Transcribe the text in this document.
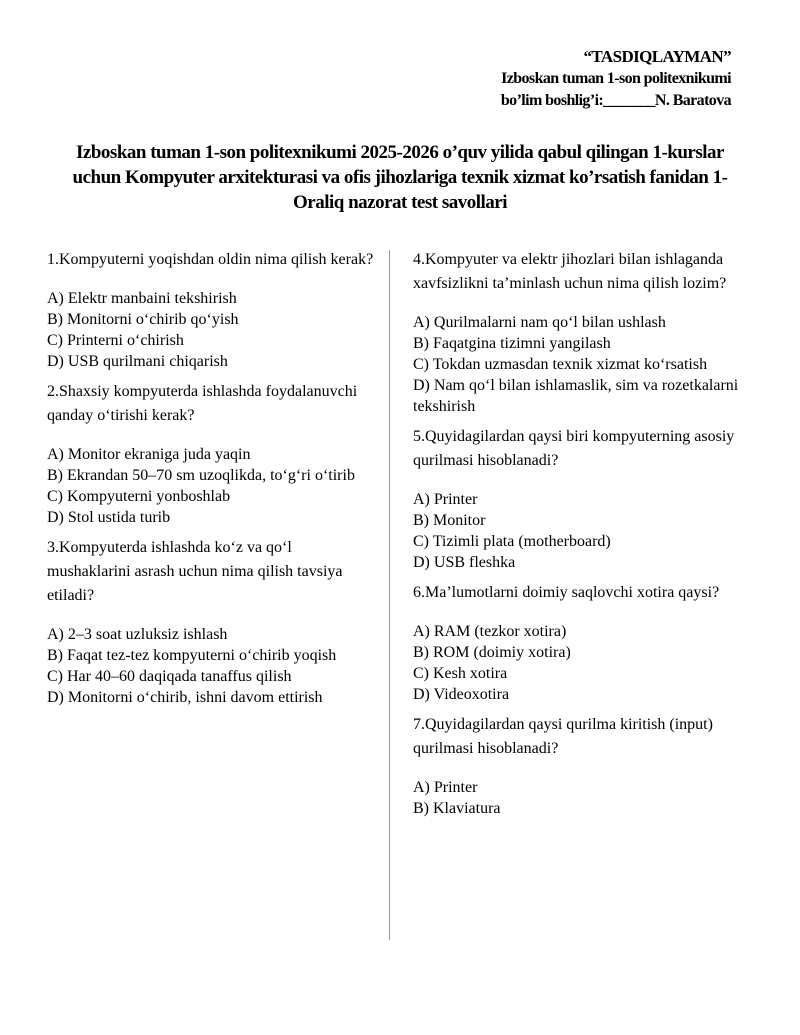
“TASDIQLAYMAN”
Izboskan tuman 1-son politexnikumi
bo’lim boshlig’i:_______N. Baratova
Izboskan tuman 1-son politexnikumi 2025-2026 o’quv yilida qabul qilingan 1-kurslar uchun Kompyuter arxitekturasi va ofis jihozlariga texnik xizmat ko’rsatish fanidan 1-Oraliq nazorat test savollari
1.Kompyuterni yoqishdan oldin nima qilish kerak?
A) Elektr manbaini tekshirish
B) Monitorni o‘chirib qo‘yish
C) Printerni o‘chirish
D) USB qurilmani chiqarish
2.Shaxsiy kompyuterda ishlashda foydalanuvchi qanday o‘tirishi kerak?
A) Monitor ekraniga juda yaqin
B) Ekrandan 50–70 sm uzoqlikda, to‘g‘ri o‘tirib
C) Kompyuterni yonboshlab
D) Stol ustida turib
3.Kompyuterda ishlashda ko‘z va qo‘l mushaklarini asrash uchun nima qilish tavsiya etiladi?
A) 2–3 soat uzluksiz ishlash
B) Faqat tez-tez kompyuterni o‘chirib yoqish
C) Har 40–60 daqiqada tanaffus qilish
D) Monitorni o‘chirib, ishni davom ettirish
4.Kompyuter va elektr jihozlari bilan ishlaganda xavfsizlikni ta’minlash uchun nima qilish lozim?
A) Qurilmalarni nam qo‘l bilan ushlash
B) Faqatgina tizimni yangilash
C) Tokdan uzmasdan texnik xizmat ko‘rsatish
D) Nam qo‘l bilan ishlamaslik, sim va rozetkalarni tekshirish
5.Quyidagilardan qaysi biri kompyuterning asosiy qurilmasi hisoblanadi?
A) Printer
B) Monitor
C) Tizimli plata (motherboard)
D) USB fleshka
6.Ma’lumotlarni doimiy saqlovchi xotira qaysi?
A) RAM (tezkor xotira)
B) ROM (doimiy xotira)
C) Kesh xotira
D) Videoxotira
7.Quyidagilardan qaysi qurilma kiritish (input) qurilmasi hisoblanadi?
A) Printer
B) Klaviatura
